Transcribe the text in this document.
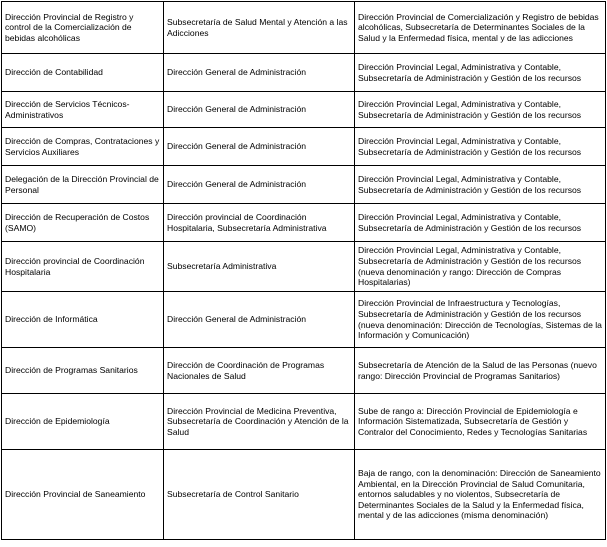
Dirección Provincial de Registro y control de la Comercialización de bebidas alcohólicas	Subsecretaría de Salud Mental y Atención a las Adicciones	Dirección Provincial de Comercialización y Registro de bebidas alcohólicas, Subsecretaría de Determinantes Sociales de la Salud y la Enfermedad física, mental y de las adicciones
Dirección de Contabilidad	Dirección General de Administración	Dirección Provincial Legal, Administrativa y Contable, Subsecretaría de Administración y Gestión de los recursos
Dirección de Servicios Técnicos-Administrativos	Dirección General de Administración	Dirección Provincial Legal, Administrativa y Contable, Subsecretaría de Administración y Gestión de los recursos
Dirección de Compras, Contrataciones y Servicios Auxiliares	Dirección General de Administración	Dirección Provincial Legal, Administrativa y Contable, Subsecretaría de Administración y Gestión de los recursos
Delegación de la Dirección Provincial de Personal	Dirección General de Administración	Dirección Provincial Legal, Administrativa y Contable, Subsecretaría de Administración y Gestión de los recursos
Dirección de Recuperación de Costos (SAMO)	Dirección provincial de Coordinación Hospitalaria, Subsecretaría Administrativa	Dirección Provincial Legal, Administrativa y Contable, Subsecretaría de Administración y Gestión de los recursos
Dirección provincial de Coordinación Hospitalaria	Subsecretaría Administrativa	Dirección Provincial Legal, Administrativa y Contable, Subsecretaría de Administración y Gestión de los recursos (nueva denominación y rango: Dirección de Compras Hospitalarias)
Dirección de Informática	Dirección General de Administración	Dirección Provincial de Infraestructura y Tecnologías, Subsecretaría de Administración y Gestión de los recursos (nueva denominación: Dirección de Tecnologías, Sistemas de la Información y Comunicación)
Dirección de Programas Sanitarios	Dirección de Coordinación de Programas Nacionales de Salud	Subsecretaría de Atención de la Salud de las Personas (nuevo rango: Dirección Provincial de Programas Sanitarios)
Dirección de Epidemiología	Dirección Provincial de Medicina Preventiva, Subsecretaría de Coordinación y Atención de la Salud	Sube de rango a: Dirección Provincial de Epidemiología e Información Sistematizada, Subsecretaría de Gestión y Contralor del Conocimiento, Redes y Tecnologías Sanitarias
Dirección Provincial de Saneamiento	Subsecretaría de Control Sanitario	Baja de rango, con la denominación: Dirección de Saneamiento Ambiental, en la Dirección Provincial de Salud Comunitaria, entornos saludables y no violentos, Subsecretaría de Determinantes Sociales de la Salud y la Enfermedad física, mental y de las adicciones (misma denominación)
